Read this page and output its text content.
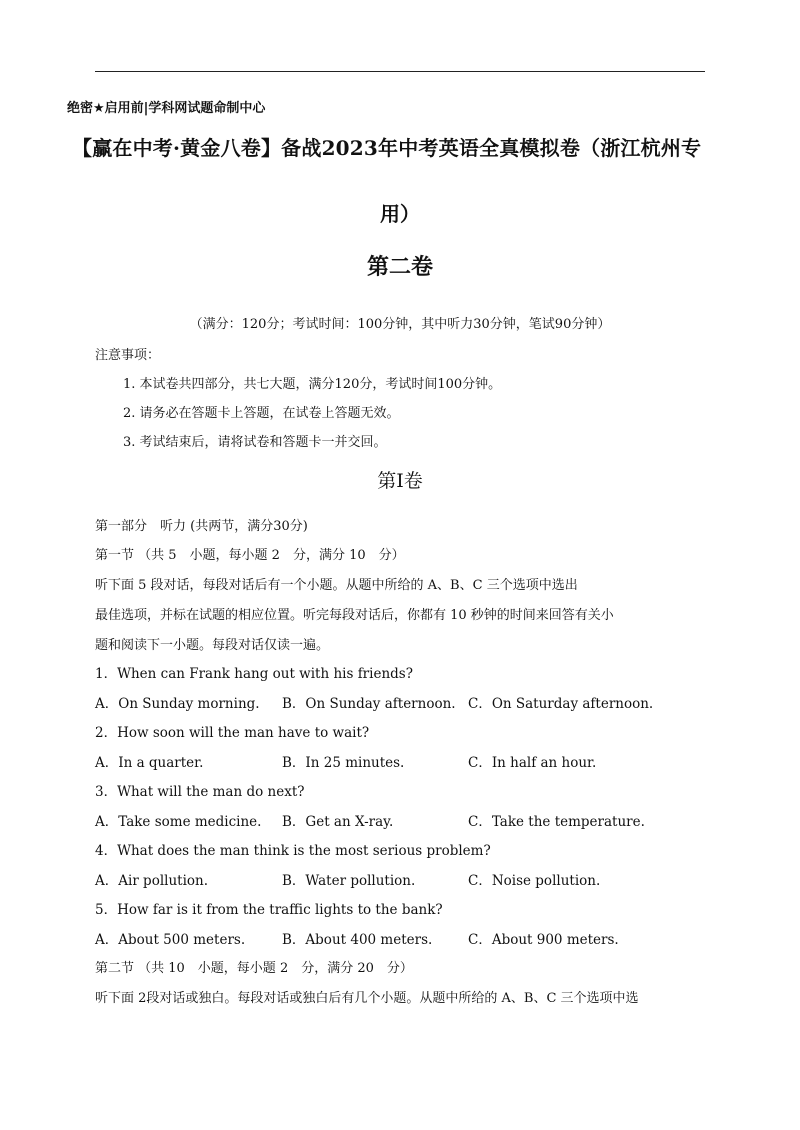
绝密★启用前|学科网试题命制中心
【赢在中考·黄金八卷】备战2023年中考英语全真模拟卷（浙江杭州专
用）
第二卷
（满分：120分；考试时间：100分钟，其中听力30分钟，笔试90分钟）
注意事项：
1. 本试卷共四部分，共七大题，满分120分，考试时间100分钟。
2. 请务必在答题卡上答题，在试卷上答题无效。
3. 考试结束后，请将试卷和答题卡一并交回。
第I卷
第一部分　听力 (共两节，满分30分)
第一节 （共 5　小题，每小题 2　分，满分 10　分）
听下面 5 段对话，每段对话后有一个小题。从题中所给的 A、B、C 三个选项中选出
最佳选项，并标在试题的相应位置。听完每段对话后，你都有 10 秒钟的时间来回答有关小
题和阅读下一小题。每段对话仅读一遍。
1．When can Frank hang out with his friends?
A．On Sunday morning. B．On Sunday afternoon. C．On Saturday afternoon.
2．How soon will the man have to wait?
A．In a quarter.	B．In 25 minutes.	C．In half an hour.
3．What will the man do next?
A．Take some medicine. B．Get an X-ray.	C．Take the temperature.
4．What does the man think is the most serious problem?
A．Air pollution.	B．Water pollution.	C．Noise pollution.
5．How far is it from the traffic lights to the bank?
A．About 500 meters.	B．About 400 meters.	C．About 900 meters.
第二节 （共 10　小题，每小题 2　分，满分 20　分）
听下面 2段对话或独白。每段对话或独白后有几个小题。从题中所给的 A、B、C 三个选项中选
